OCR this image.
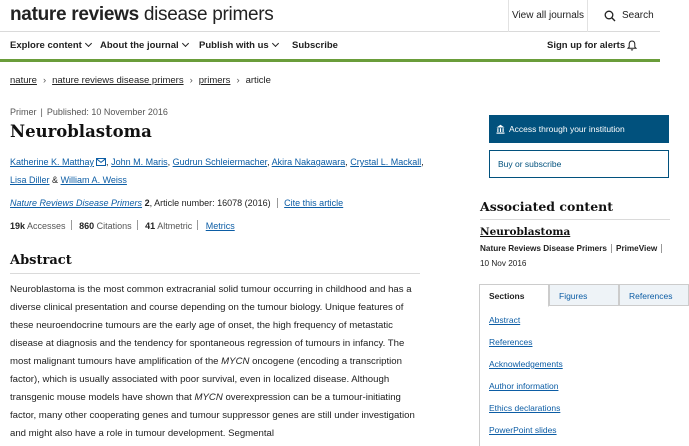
nature reviews disease primers	View all journals	Search
Explore content	About the journal	Publish with us	Subscribe	Sign up for alerts
nature › nature reviews disease primers › primers › article
Primer | Published: 10 November 2016
Neuroblastoma
Katherine K. Matthay , John M. Maris, Gudrun Schleiermacher, Akira Nakagawara, Crystal L. Mackall,
Lisa Diller & William A. Weiss
Nature Reviews Disease Primers 2, Article number: 16078 (2016) Cite this article
19k Accesses 860 Citations 41 Altmetric Metrics
Abstract

Neuroblastoma is the most common extracranial solid tumour occurring in childhood and has a diverse clinical presentation and course depending on the tumour biology. Unique features of these neuroendocrine tumours are the early age of onset, the high frequency of metastatic disease at diagnosis and the tendency for spontaneous regression of tumours in infancy. The most malignant tumours have amplification of the MYCN oncogene (encoding a transcription factor), which is usually associated with poor survival, even in localized disease. Although transgenic mouse models have shown that MYCN overexpression can be a tumour-initiating factor, many other cooperating genes and tumour suppressor genes are still under investigation and might also have a role in tumour development. Segmental

Access through your institution
Buy or subscribe
Associated content
Neuroblastoma
Nature Reviews Disease Primers PrimeView
10 Nov 2016
Sections	Figures	References
Abstract
References
Acknowledgements
Author information
Ethics declarations
PowerPoint slides
